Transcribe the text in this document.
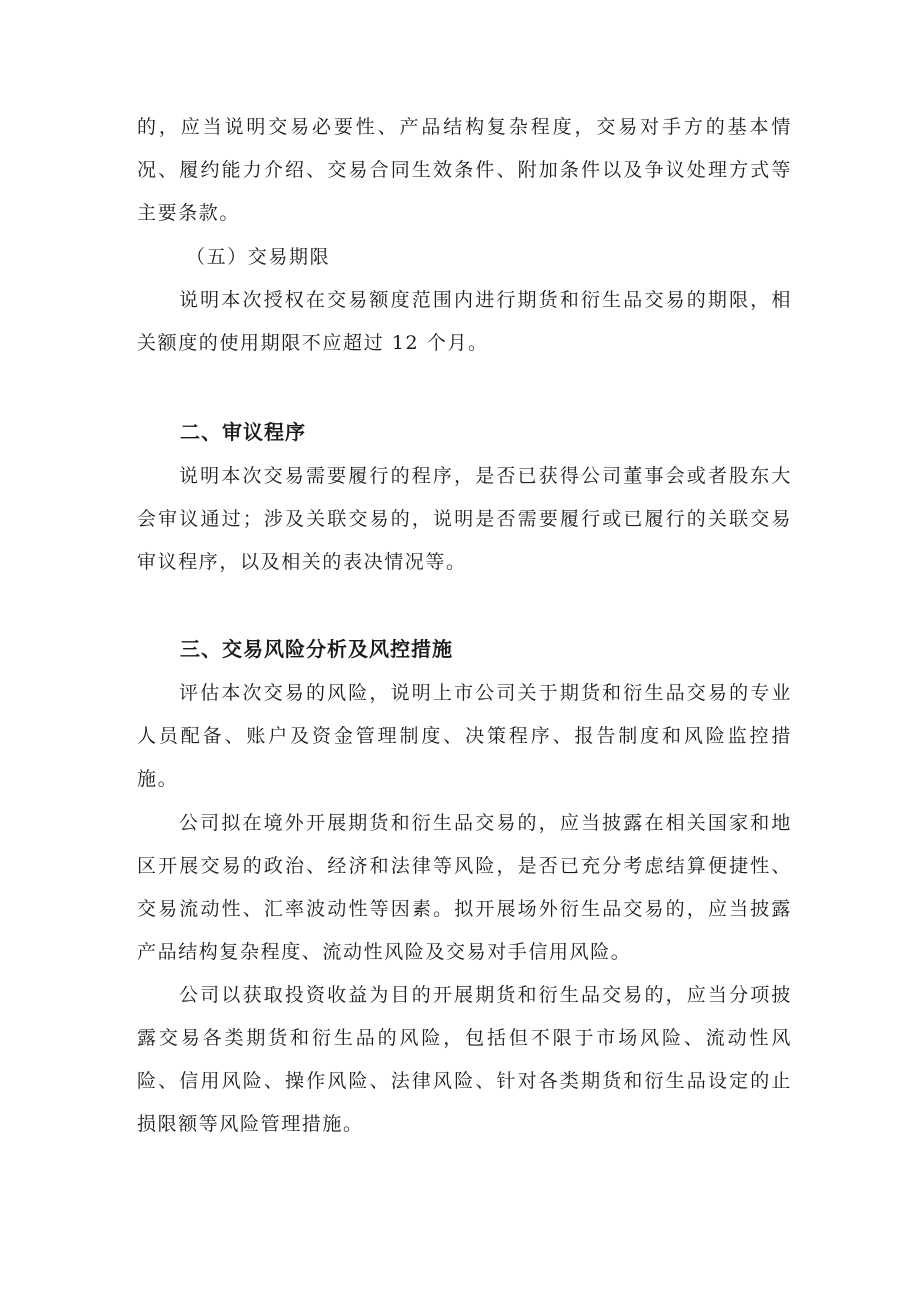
的，应当说明交易必要性、产品结构复杂程度，交易对手方的基本情况、履约能力介绍、交易合同生效条件、附加条件以及争议处理方式等主要条款。

（五）交易期限

说明本次授权在交易额度范围内进行期货和衍生品交易的期限，相关额度的使用期限不应超过 12 个月。

二、审议程序

说明本次交易需要履行的程序，是否已获得公司董事会或者股东大会审议通过；涉及关联交易的，说明是否需要履行或已履行的关联交易审议程序，以及相关的表决情况等。

三、交易风险分析及风控措施

评估本次交易的风险，说明上市公司关于期货和衍生品交易的专业人员配备、账户及资金管理制度、决策程序、报告制度和风险监控措施。

公司拟在境外开展期货和衍生品交易的，应当披露在相关国家和地区开展交易的政治、经济和法律等风险，是否已充分考虑结算便捷性、交易流动性、汇率波动性等因素。拟开展场外衍生品交易的，应当披露产品结构复杂程度、流动性风险及交易对手信用风险。

公司以获取投资收益为目的开展期货和衍生品交易的，应当分项披露交易各类期货和衍生品的风险，包括但不限于市场风险、流动性风险、信用风险、操作风险、法律风险、针对各类期货和衍生品设定的止损限额等风险管理措施。
